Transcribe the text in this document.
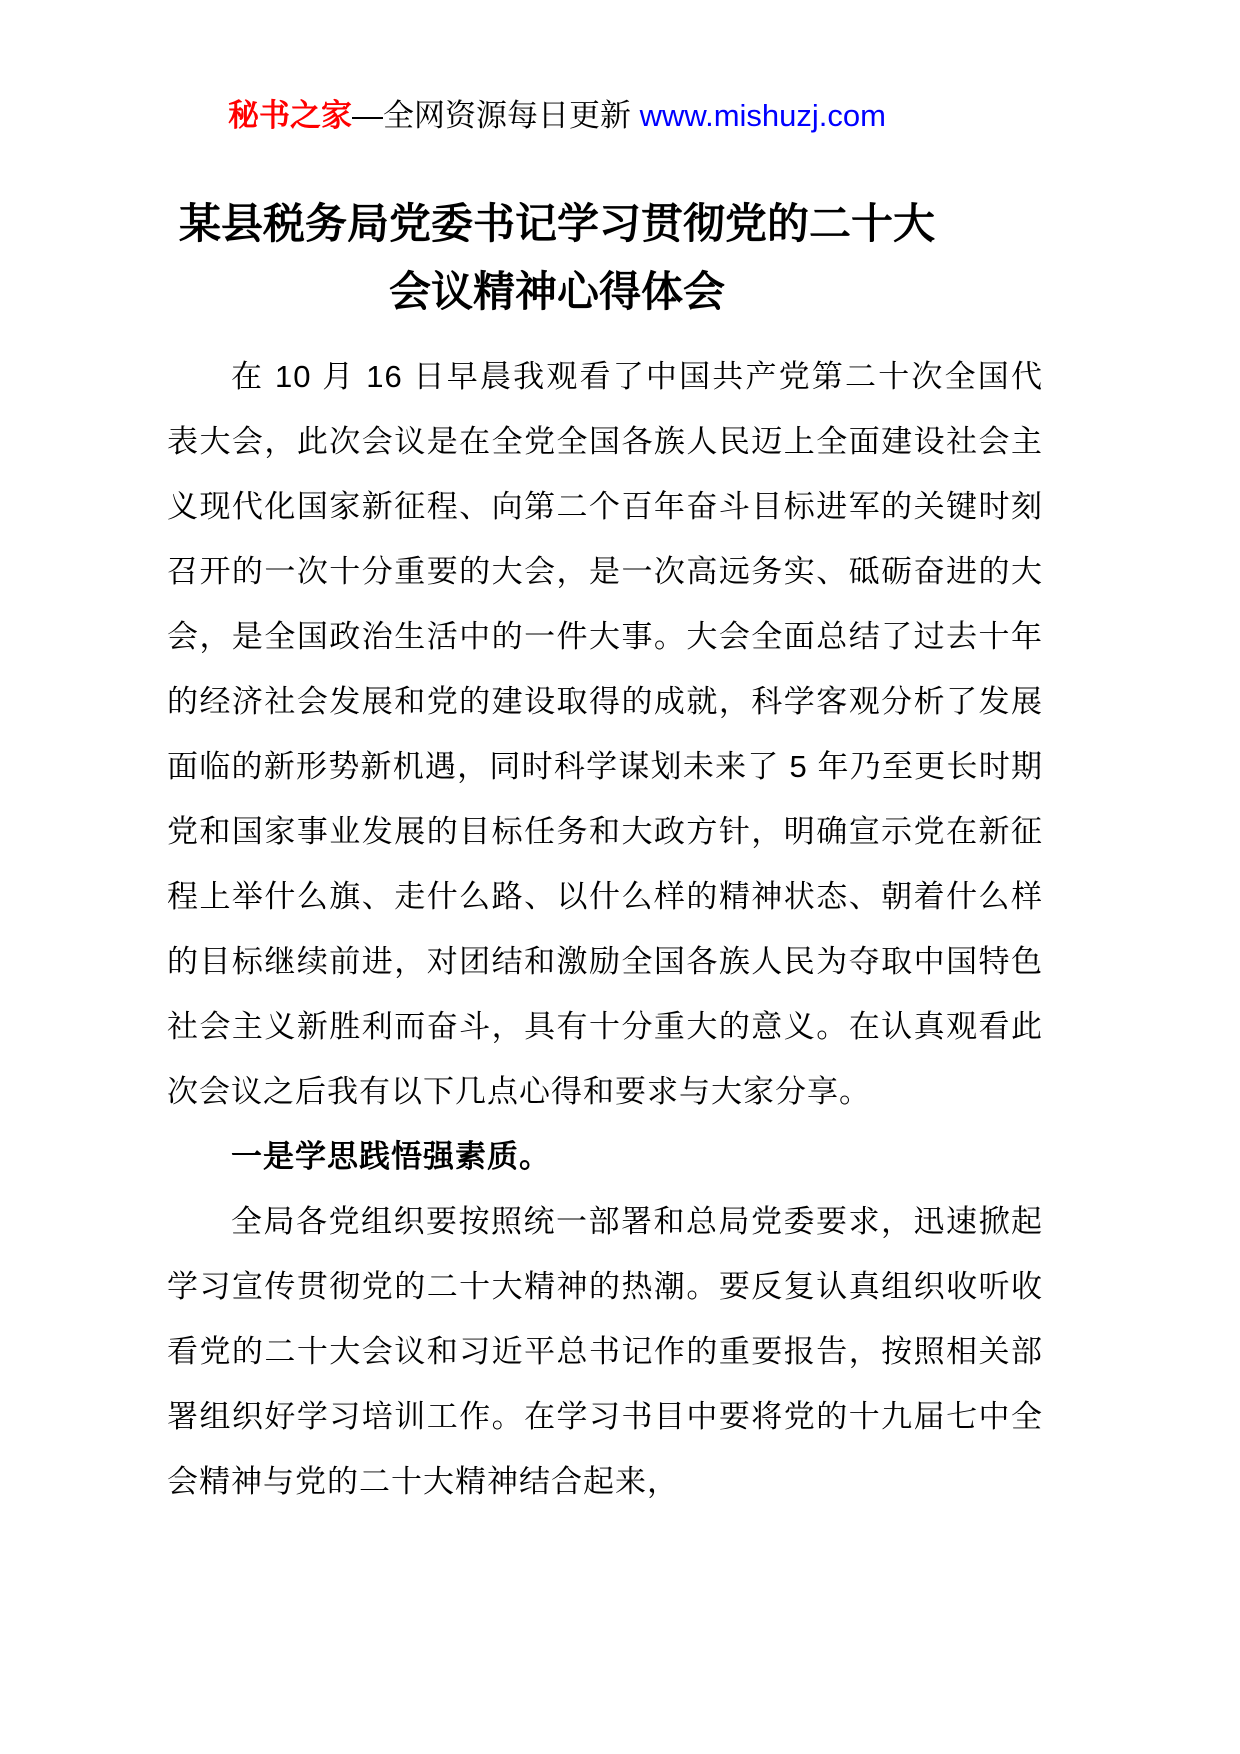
秘书之家—全网资源每日更新 www.mishuzj.com
某县税务局党委书记学习贯彻党的二十大
会议精神心得体会

在 10 月 16 日早晨我观看了中国共产党第二十次全国代表大会，此次会议是在全党全国各族人民迈上全面建设社会主义现代化国家新征程、向第二个百年奋斗目标进军的关键时刻召开的一次十分重要的大会，是一次高远务实、砥砺奋进的大会，是全国政治生活中的一件大事。大会全面总结了过去十年的经济社会发展和党的建设取得的成就，科学客观分析了发展面临的新形势新机遇，同时科学谋划未来了 5 年乃至更长时期党和国家事业发展的目标任务和大政方针，明确宣示党在新征程上举什么旗、走什么路、以什么样的精神状态、朝着什么样的目标继续前进，对团结和激励全国各族人民为夺取中国特色社会主义新胜利而奋斗，具有十分重大的意义。在认真观看此次会议之后我有以下几点心得和要求与大家分享。

一是学思践悟强素质。

全局各党组织要按照统一部署和总局党委要求，迅速掀起学习宣传贯彻党的二十大精神的热潮。要反复认真组织收听收看党的二十大会议和习近平总书记作的重要报告，按照相关部署组织好学习培训工作。在学习书目中要将党的十九届七中全会精神与党的二十大精神结合起来，
